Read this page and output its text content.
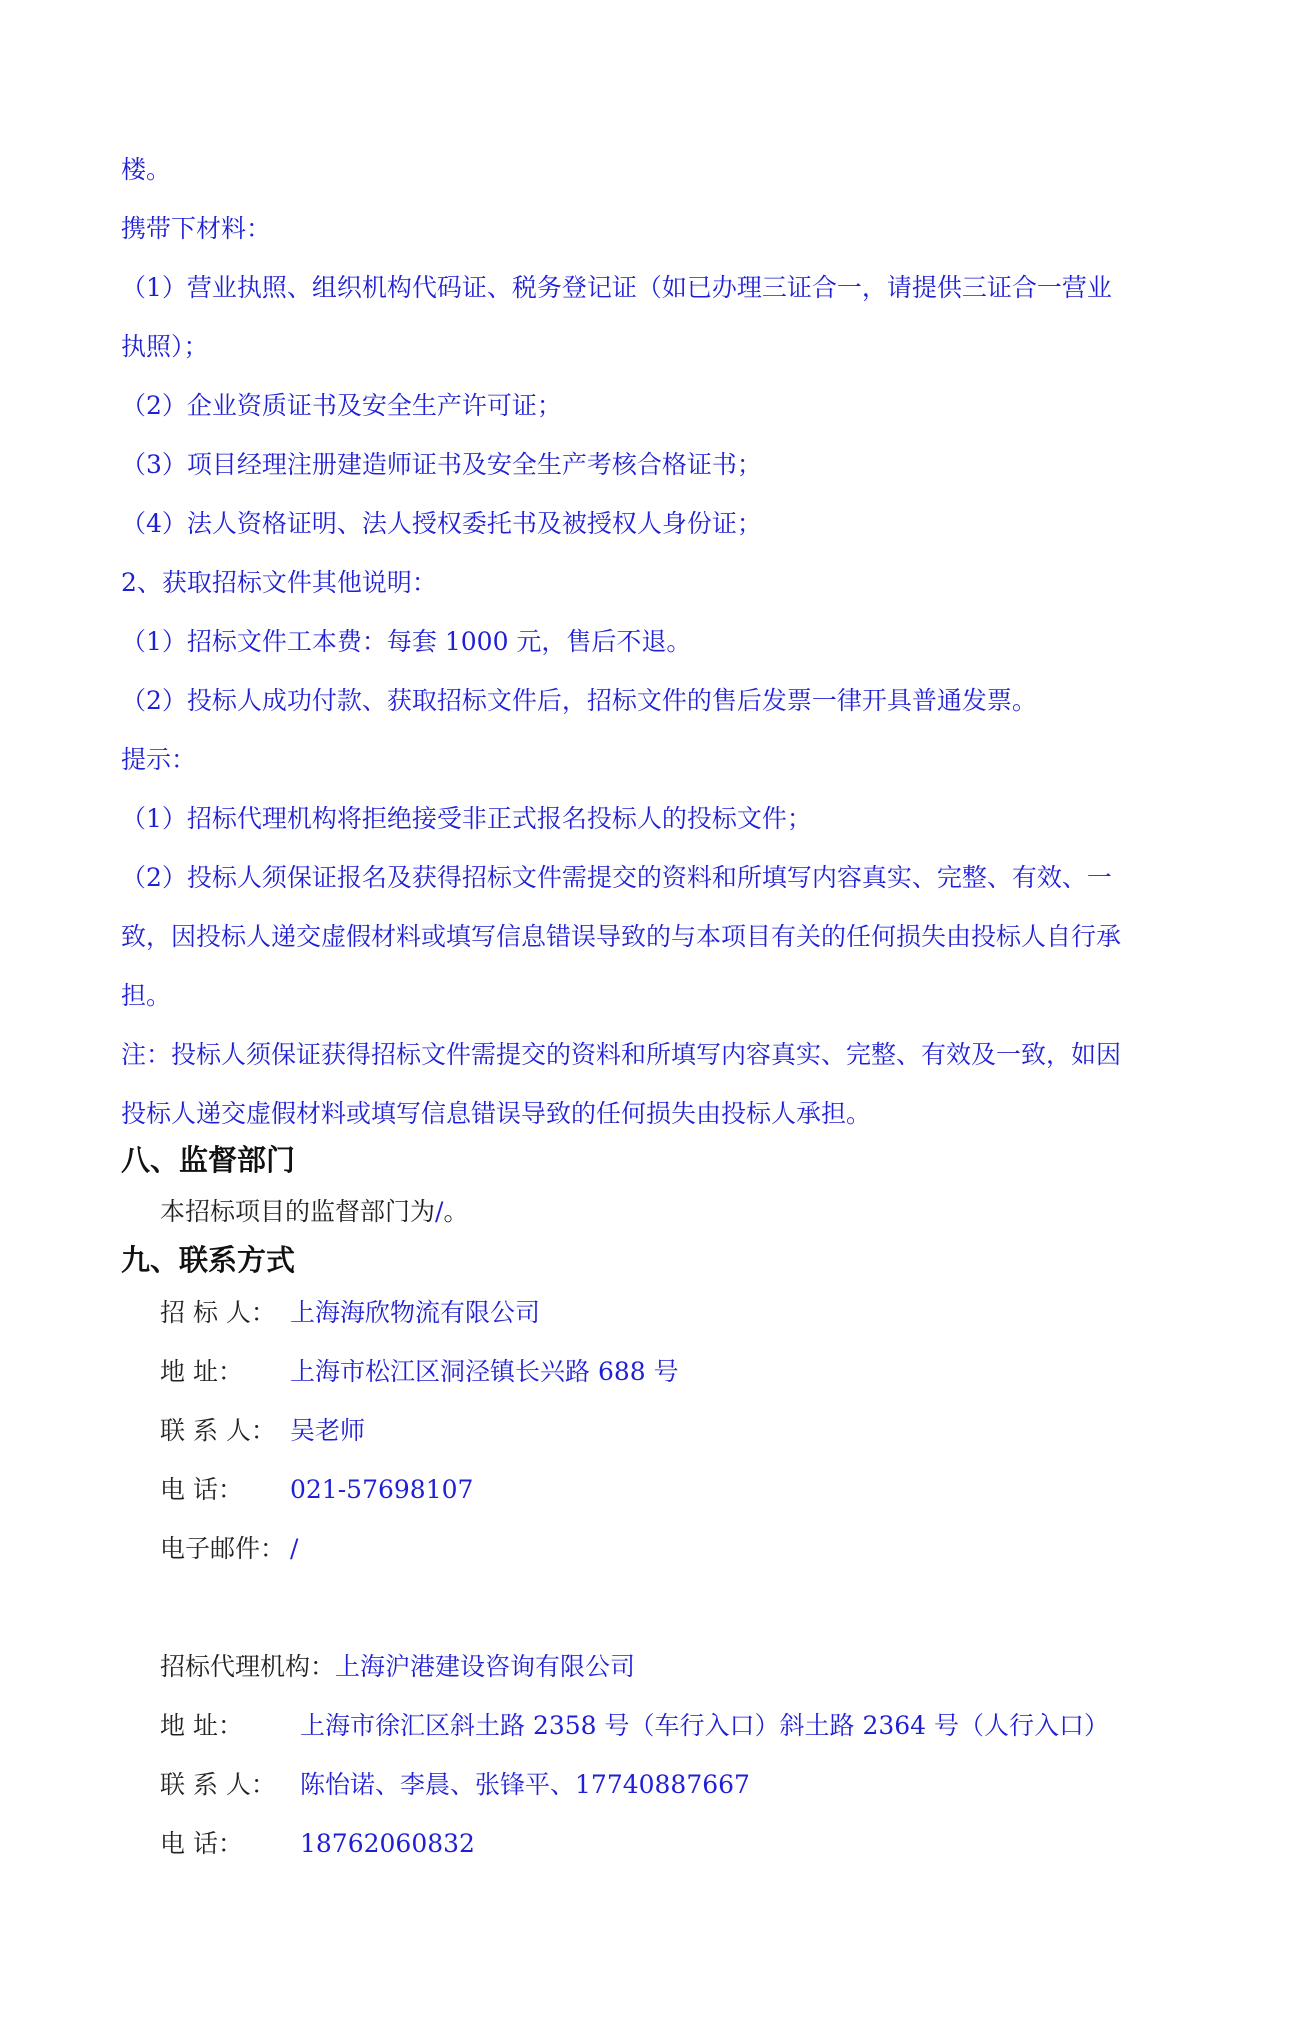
楼。

携带下材料：

（1）营业执照、组织机构代码证、税务登记证（如已办理三证合一，请提供三证合一营业

执照）；

（2）企业资质证书及安全生产许可证；

（3）项目经理注册建造师证书及安全生产考核合格证书；

（4）法人资格证明、法人授权委托书及被授权人身份证；

2、获取招标文件其他说明：

（1）招标文件工本费：每套 1000 元，售后不退。

（2）投标人成功付款、获取招标文件后，招标文件的售后发票一律开具普通发票。

提示：

（1）招标代理机构将拒绝接受非正式报名投标人的投标文件；

（2）投标人须保证报名及获得招标文件需提交的资料和所填写内容真实、完整、有效、一

致，因投标人递交虚假材料或填写信息错误导致的与本项目有关的任何损失由投标人自行承

担。

注：投标人须保证获得招标文件需提交的资料和所填写内容真实、完整、有效及一致，如因

投标人递交虚假材料或填写信息错误导致的任何损失由投标人承担。

八、监督部门

本招标项目的监督部门为/。

九、联系方式
招 标 人： 上海海欣物流有限公司
地 址： 上海市松江区洞泾镇长兴路 688 号
联 系 人： 吴老师
电 话： 021-57698107
电子邮件： /
招标代理机构：上海沪港建设咨询有限公司
地 址： 上海市徐汇区斜土路 2358 号（车行入口）斜土路 2364 号（人行入口）
联 系 人： 陈怡诺、李晨、张锋平、17740887667
电 话： 18762060832
